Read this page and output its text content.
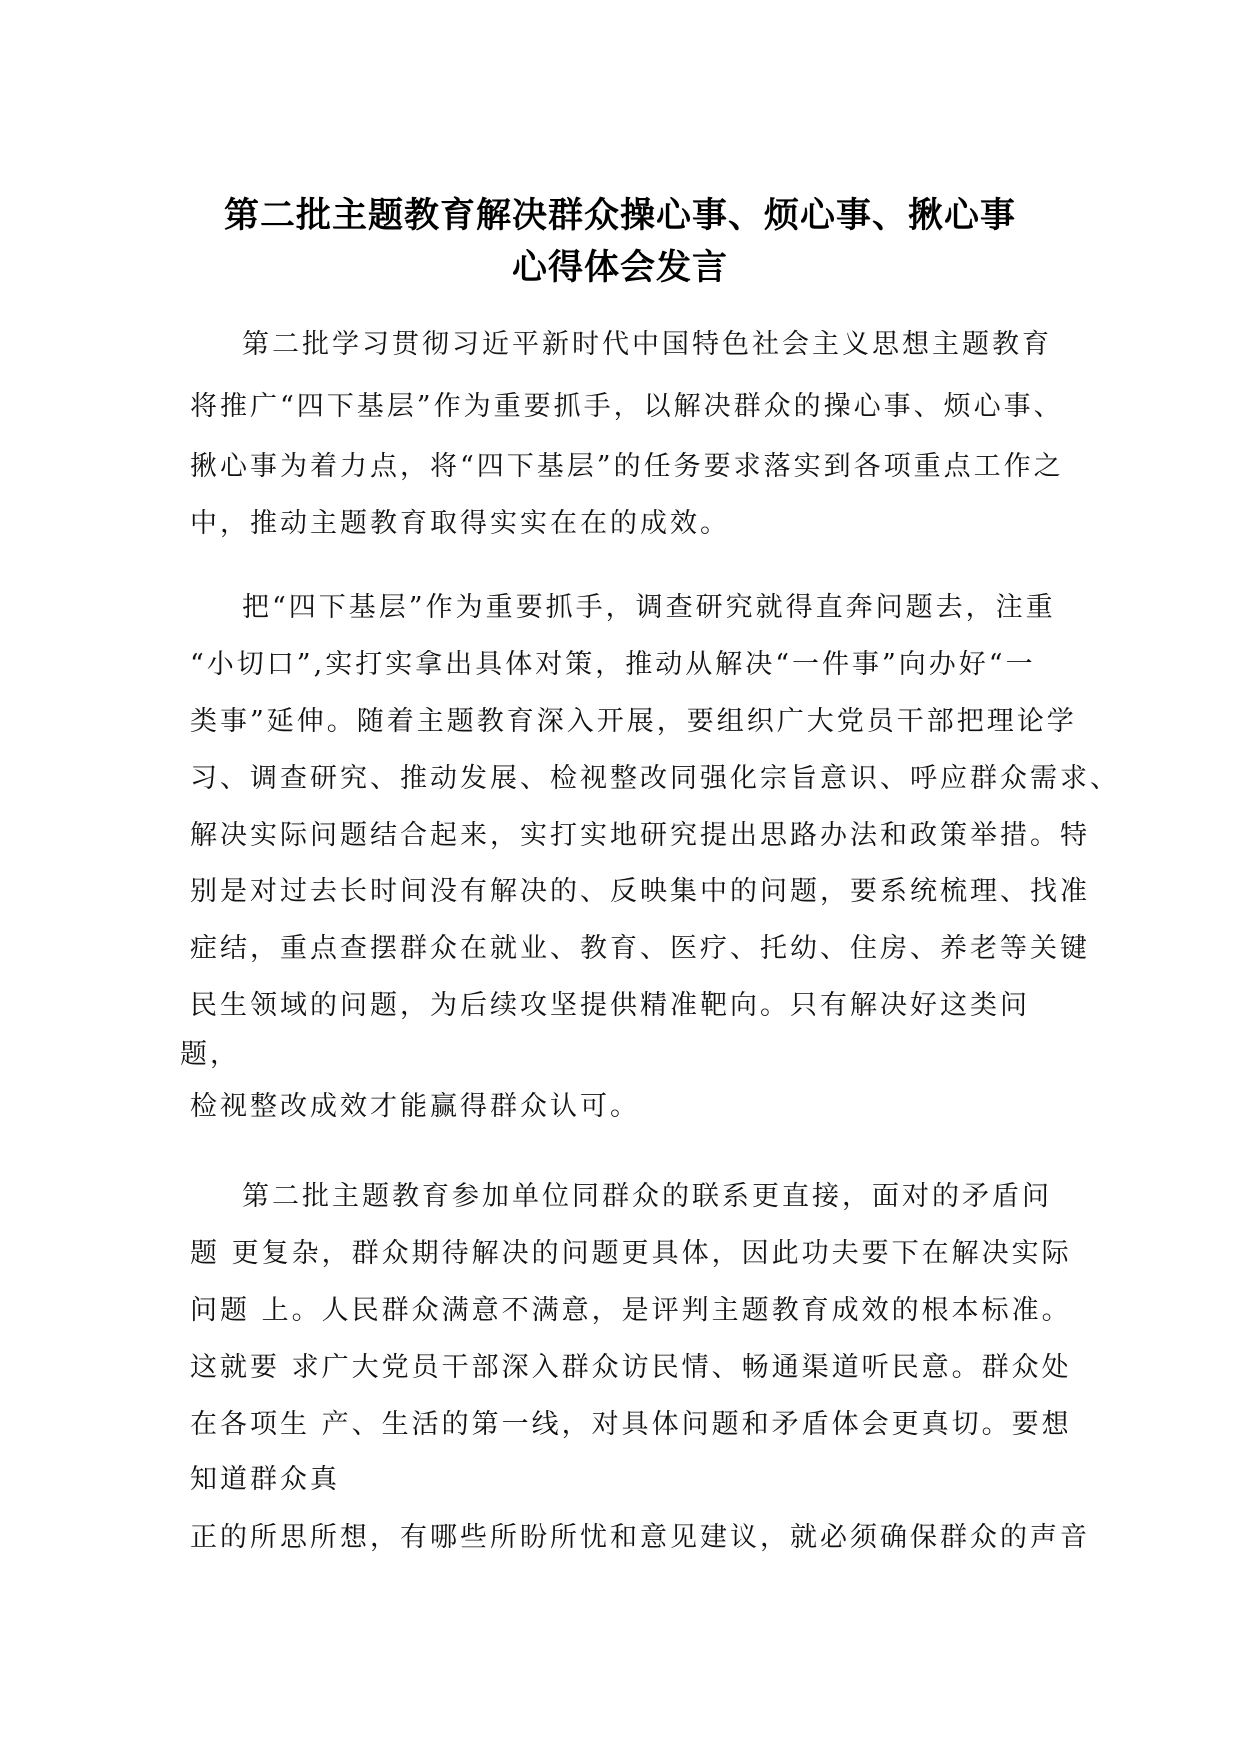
第二批主题教育解决群众操心事、烦心事、揪心事
心得体会发言
第二批学习贯彻习近平新时代中国特色社会主义思想主题教育
将推广“四下基层”作为重要抓手，以解决群众的操心事、烦心事、
揪心事为着力点，将“四下基层”的任务要求落实到各项重点工作之
中，推动主题教育取得实实在在的成效。
把“四下基层”作为重要抓手，调查研究就得直奔问题去，注重
“小切口”,实打实拿出具体对策，推动从解决“一件事”向办好“一
类事”延伸。随着主题教育深入开展，要组织广大党员干部把理论学
习、调查研究、推动发展、检视整改同强化宗旨意识、呼应群众需求、
解决实际问题结合起来，实打实地研究提出思路办法和政策举措。特
别是对过去长时间没有解决的、反映集中的问题，要系统梳理、找准
症结，重点查摆群众在就业、教育、医疗、托幼、住房、养老等关键
民生领域的问题，为后续攻坚提供精准靶向。只有解决好这类问
题，
检视整改成效才能赢得群众认可。
第二批主题教育参加单位同群众的联系更直接，面对的矛盾问
题 更复杂，群众期待解决的问题更具体，因此功夫要下在解决实际
问题 上。人民群众满意不满意，是评判主题教育成效的根本标准。
这就要 求广大党员干部深入群众访民情、畅通渠道听民意。群众处
在各项生 产、生活的第一线，对具体问题和矛盾体会更真切。要想
知道群众真
正的所思所想，有哪些所盼所忧和意见建议，就必须确保群众的声音
